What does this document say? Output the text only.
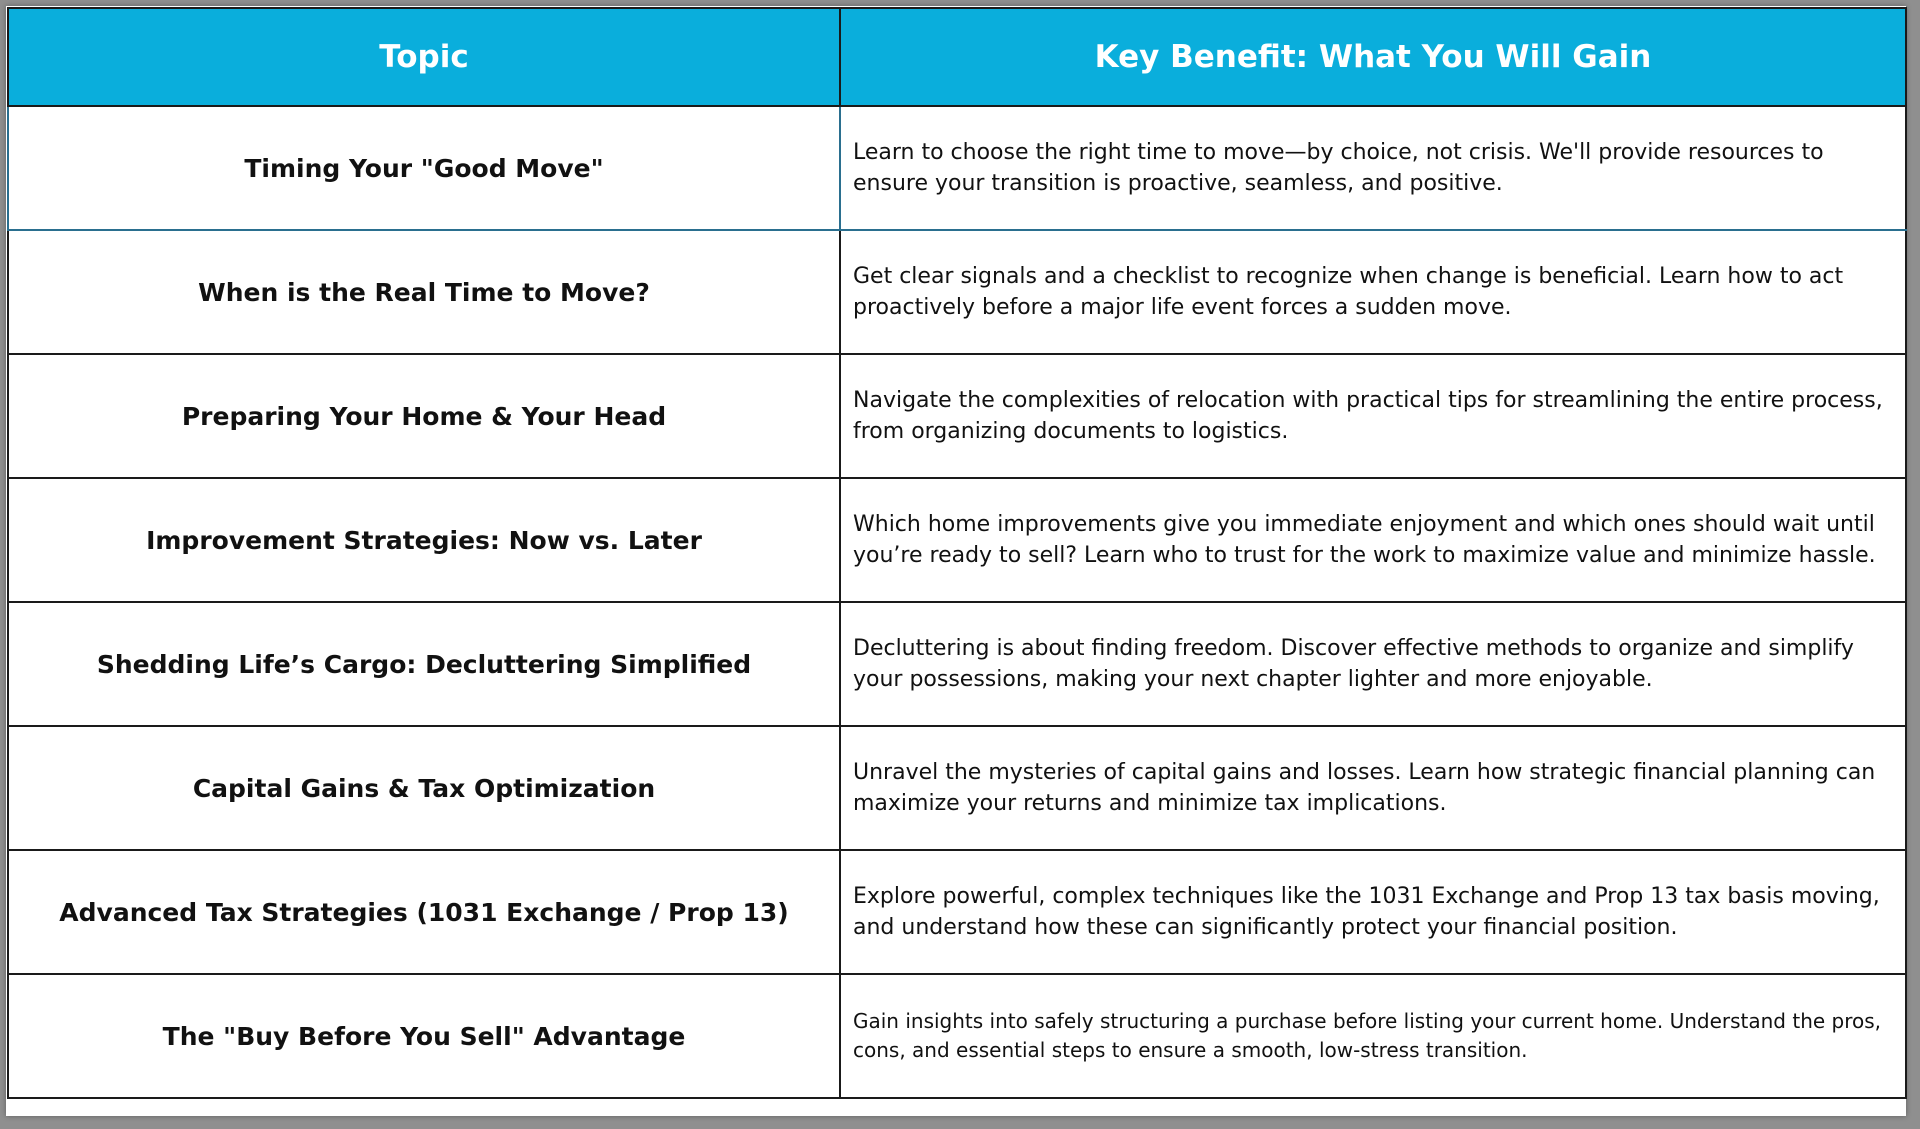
Topic	Key Benefit: What You Will Gain
Timing Your "Good Move"	Learn to choose the right time to move—by choice, not crisis. We'll provide resources to ensure your transition is proactive, seamless, and positive.
When is the Real Time to Move?	Get clear signals and a checklist to recognize when change is beneficial. Learn how to act proactively before a major life event forces a sudden move.
Preparing Your Home & Your Head	Navigate the complexities of relocation with practical tips for streamlining the entire process, from organizing documents to logistics.
Improvement Strategies: Now vs. Later	Which home improvements give you immediate enjoyment and which ones should wait until you’re ready to sell? Learn who to trust for the work to maximize value and minimize hassle.
Shedding Life’s Cargo: Decluttering Simplified	Decluttering is about finding freedom. Discover effective methods to organize and simplify your possessions, making your next chapter lighter and more enjoyable.
Capital Gains & Tax Optimization	Unravel the mysteries of capital gains and losses. Learn how strategic financial planning can maximize your returns and minimize tax implications.
Advanced Tax Strategies (1031 Exchange / Prop 13)	Explore powerful, complex techniques like the 1031 Exchange and Prop 13 tax basis moving, and understand how these can significantly protect your financial position.
The "Buy Before You Sell" Advantage	Gain insights into safely structuring a purchase before listing your current home. Understand the pros, cons, and essential steps to ensure a smooth, low-stress transition.
